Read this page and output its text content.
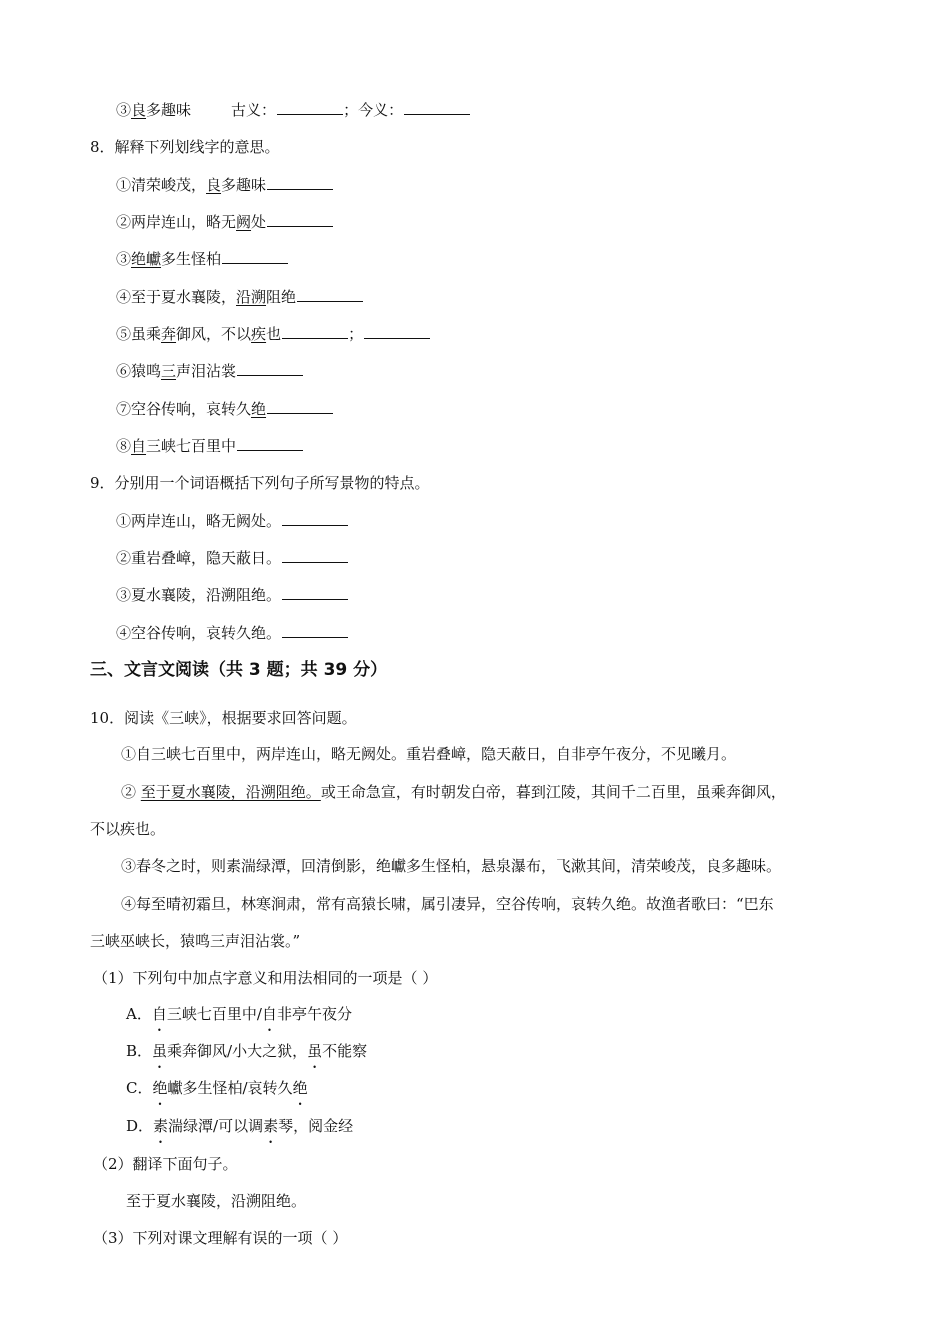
③良多趣味	古义：	；今义：
8．解释下列划线字的意思。
①清荣峻茂，良多趣味
②两岸连山，略无阙处
③绝巘多生怪柏
④至于夏水襄陵，沿溯阻绝
⑤虽乘奔御风，不以疾也	；
⑥猿鸣三声泪沾裳
⑦空谷传响，哀转久绝
⑧自三峡七百里中
9．分别用一个词语概括下列句子所写景物的特点。
①两岸连山，略无阙处。
②重岩叠嶂，隐天蔽日。
③夏水襄陵，沿溯阻绝。
④空谷传响，哀转久绝。
三、文言文阅读（共 3 题；共 39 分）
10．阅读《三峡》，根据要求回答问题。
①自三峡七百里中，两岸连山，略无阙处。重岩叠嶂，隐天蔽日，自非亭午夜分，不见曦月。
② 至于夏水襄陵，沿溯阻绝。或王命急宣，有时朝发白帝，暮到江陵，其间千二百里，虽乘奔御风，
不以疾也。
③春冬之时，则素湍绿潭，回清倒影，绝巘多生怪柏，悬泉瀑布，飞漱其间，清荣峻茂，良多趣味。
④每至晴初霜旦，林寒涧肃，常有高猿长啸，属引凄异，空谷传响，哀转久绝。故渔者歌曰：“巴东
三峡巫峡长，猿鸣三声泪沾裳。”
（1）下列句中加点字意义和用法相同的一项是（ ）
A．自三峡七百里中/自非亭午夜分
B．虽乘奔御风/小大之狱，虽不能察
C．绝巘多生怪柏/哀转久绝
D．素湍绿潭/可以调素琴，阅金经
（2）翻译下面句子。
至于夏水襄陵，沿溯阻绝。
（3）下列对课文理解有误的一项（ ）
